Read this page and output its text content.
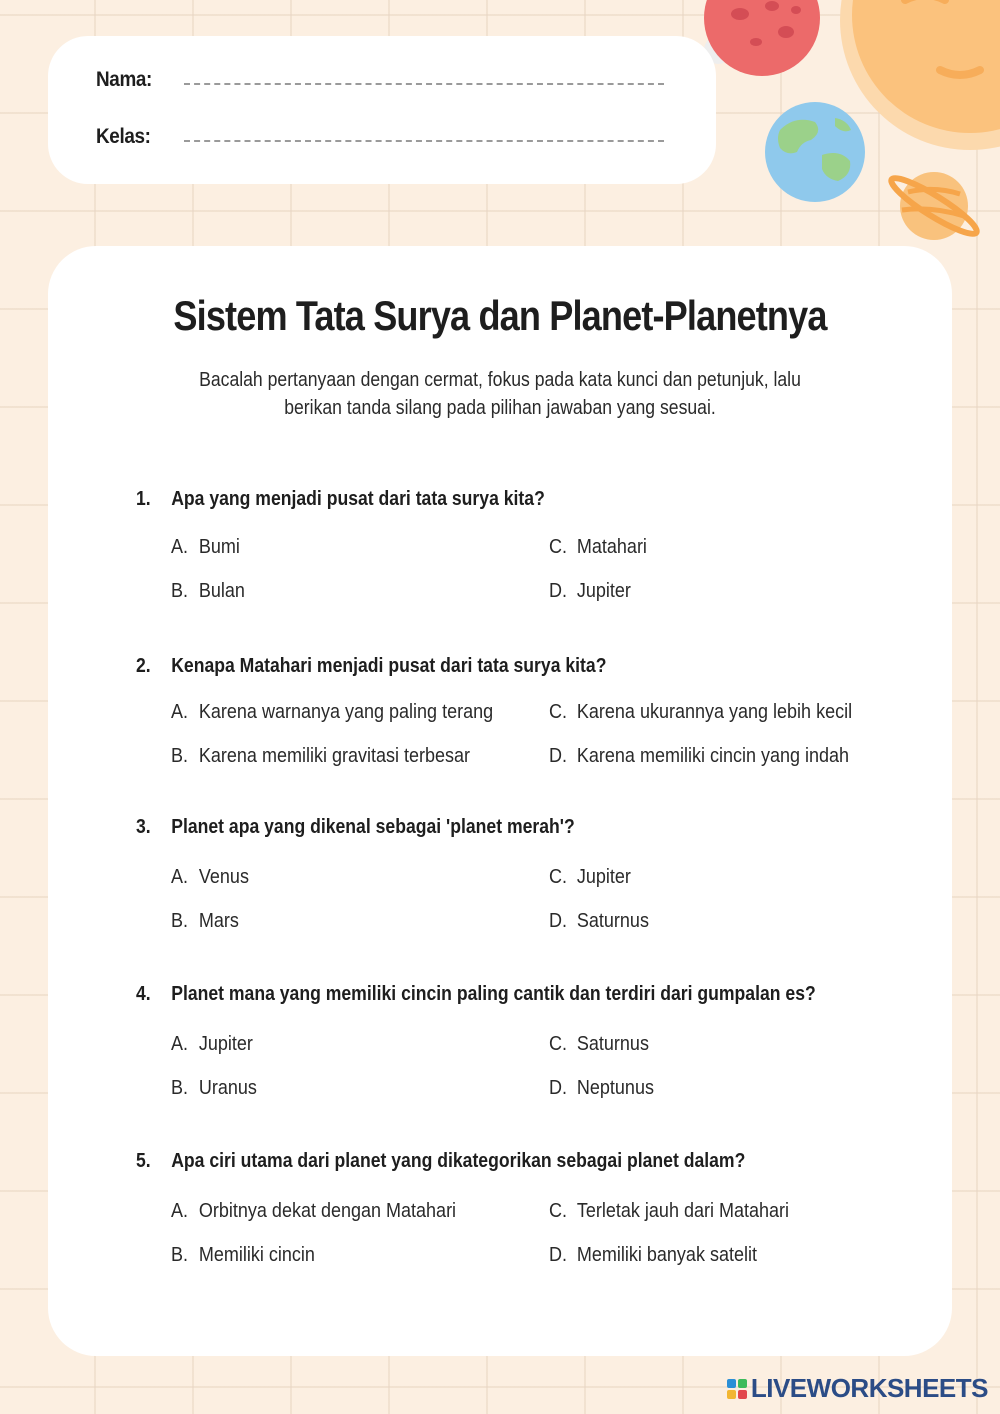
Nama:
Kelas:
Sistem Tata Surya dan Planet-Planetnya
Bacalah pertanyaan dengan cermat, fokus pada kata kunci dan petunjuk, lalu
berikan tanda silang pada pilihan jawaban yang sesuai.
1.	Apa yang menjadi pusat dari tata surya kita?
A. Bumi	C. Matahari
B. Bulan	D. Jupiter
2.	Kenapa Matahari menjadi pusat dari tata surya kita?
A. Karena warnanya yang paling terang	C. Karena ukurannya yang lebih kecil
B. Karena memiliki gravitasi terbesar	D. Karena memiliki cincin yang indah
3.	Planet apa yang dikenal sebagai 'planet merah'?
A. Venus	C. Jupiter
B. Mars	D. Saturnus
4.	Planet mana yang memiliki cincin paling cantik dan terdiri dari gumpalan es?
A. Jupiter	C. Saturnus
B. Uranus	D. Neptunus
5.	Apa ciri utama dari planet yang dikategorikan sebagai planet dalam?
A. Orbitnya dekat dengan Matahari	C. Terletak jauh dari Matahari
B. Memiliki cincin	D. Memiliki banyak satelit
LIVEWORKSHEETS
